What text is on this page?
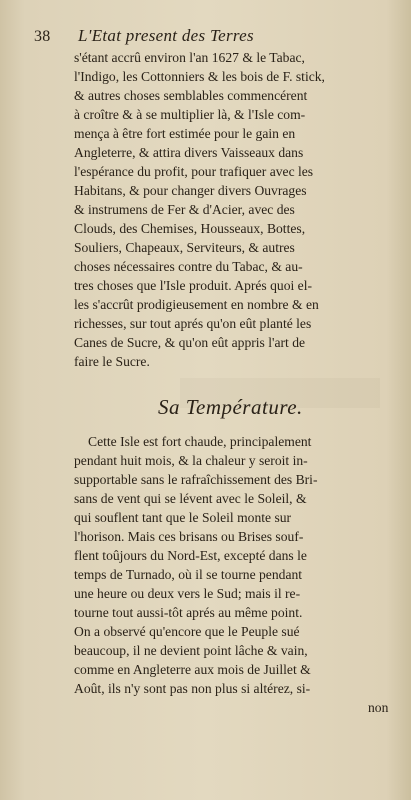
38 L'Etat present des Terres
s'étant accrû environ l'an 1627 & le Tabac,
l'Indigo, les Cottonniers & les bois de F. stick,
& autres choses semblables commencérent
à croître & à se multiplier là, & l'Isle com-
mença à être fort estimée pour le gain en
Angleterre, & attira divers Vaisseaux dans
l'espérance du profit, pour trafiquer avec les
Habitans, & pour changer divers Ouvrages
& instrumens de Fer & d'Acier, avec des
Clouds, des Chemises, Housseaux, Bottes,
Souliers, Chapeaux, Serviteurs, & autres
choses nécessaires contre du Tabac, & au-
tres choses que l'Isle produit. Aprés quoi el-
les s'accrût prodigieusement en nombre & en
richesses, sur tout aprés qu'on eût planté les
Canes de Sucre, & qu'on eût appris l'art de
faire le Sucre.
Sa Température.
Cette Isle est fort chaude, principalement
pendant huit mois, & la chaleur y seroit in-
supportable sans le rafraîchissement des Bri-
sans de vent qui se lévent avec le Soleil, &
qui souflent tant que le Soleil monte sur
l'horison. Mais ces brisans ou Brises souf-
flent toûjours du Nord-Est, excepté dans le
temps de Turnado, où il se tourne pendant
une heure ou deux vers le Sud; mais il re-
tourne tout aussi-tôt aprés au même point.
On a observé qu'encore que le Peuple sué
beaucoup, il ne devient point lâche & vain,
comme en Angleterre aux mois de Juillet &
Août, ils n'y sont pas non plus si altérez, si-
non
